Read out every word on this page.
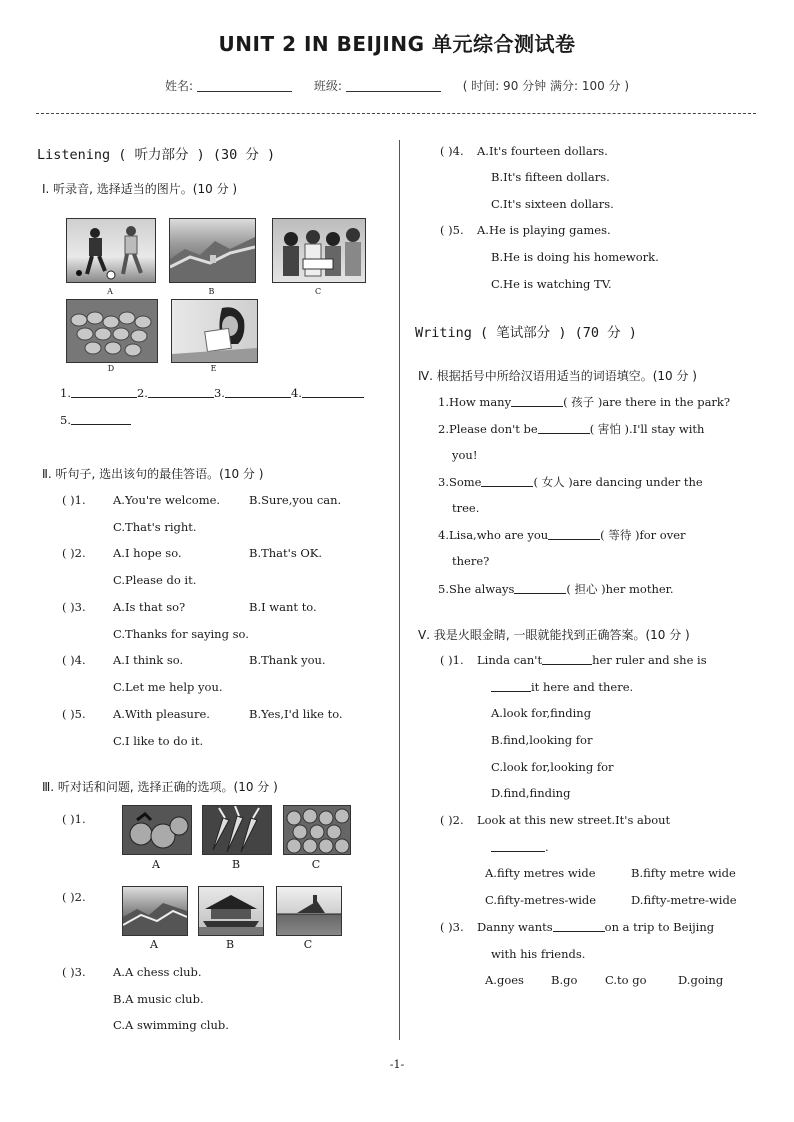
UNIT 2 IN BEIJING 单元综合测试卷
姓名:	班级:	( 时间: 90 分钟 满分: 100 分 )
Listening ( 听力部分 ) (30 分 )
Ⅰ. 听录音, 选择适当的图片。(10 分 )
A	B	C
D	E
1.	2.	3.	4.
5.
Ⅱ. 听句子, 选出该句的最佳答语。(10 分 )
( )1. A.You're welcome.	B.Sure,you can.
C.That's right.
( )2. A.I hope so.	B.That's OK.
C.Please do it.
( )3. A.Is that so?	B.I want to.
C.Thanks for saying so.
( )4. A.I think so.	B.Thank you.
C.Let me help you.
( )5. A.With pleasure.	B.Yes,I'd like to.
C.I like to do it.
Ⅲ. 听对话和问题, 选择正确的选项。(10 分 )
( )1.
A	B	C
( )2.
A	B	C
( )3. A.A chess club.
B.A music club.
C.A swimming club.
( )4. A.It's fourteen dollars.
B.It's fifteen dollars.
C.It's sixteen dollars.
( )5. A.He is playing games.
B.He is doing his homework.
C.He is watching TV.
Writing ( 笔试部分 ) (70 分 )
Ⅳ. 根据括号中所给汉语用适当的词语填空。(10 分 )
1.How many	( 孩子 )are there in the park?
2.Please don't be	( 害怕 ).I'll stay with
you!
3.Some	( 女人 )are dancing under the
tree.
4.Lisa,who are you	( 等待 )for over
there?
5.She always	( 担心 )her mother.
Ⅴ. 我是火眼金睛, 一眼就能找到正确答案。(10 分 )
( )1. Linda can't	her ruler and she is
it here and there.
A.look for,finding
B.find,looking for
C.look for,looking for
D.find,finding
( )2. Look at this new street.It's about
.
A.fifty metres wide	B.fifty metre wide
C.fifty-metres-wide	D.fifty-metre-wide
( )3. Danny wants	on a trip to Beijing
with his friends.
A.goes B.go C.to go	D.going
-1-
